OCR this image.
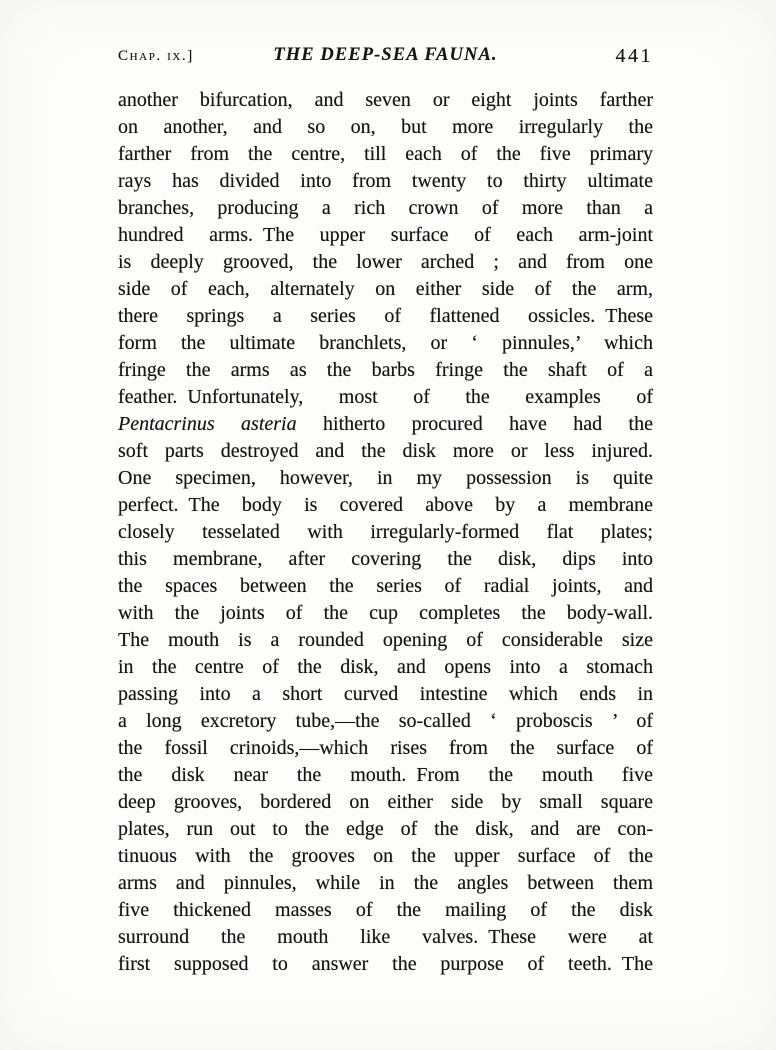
Chap. ix.]	THE DEEP-SEA FAUNA.	441
another bifurcation, and seven or eight joints farther
on another, and so on, but more irregularly the
farther from the centre, till each of the five primary
rays has divided into from twenty to thirty ultimate
branches, producing a rich crown of more than a
hundred arms. The upper surface of each arm-joint
is deeply grooved, the lower arched ; and from one
side of each, alternately on either side of the arm,
there springs a series of flattened ossicles. These
form the ultimate branchlets, or ‘ pinnules,’ which
fringe the arms as the barbs fringe the shaft of a
feather. Unfortunately, most of the examples of
Pentacrinus asteria hitherto procured have had the
soft parts destroyed and the disk more or less injured.
One specimen, however, in my possession is quite
perfect. The body is covered above by a membrane
closely tesselated with irregularly-formed flat plates;
this membrane, after covering the disk, dips into
the spaces between the series of radial joints, and
with the joints of the cup completes the body-wall.
The mouth is a rounded opening of considerable size
in the centre of the disk, and opens into a stomach
passing into a short curved intestine which ends in
a long excretory tube,—the so-called ‘ proboscis ’ of
the fossil crinoids,—which rises from the surface of
the disk near the mouth. From the mouth five
deep grooves, bordered on either side by small square
plates, run out to the edge of the disk, and are con-
tinuous with the grooves on the upper surface of the
arms and pinnules, while in the angles between them
five thickened masses of the mailing of the disk
surround the mouth like valves. These were at
first supposed to answer the purpose of teeth. The
